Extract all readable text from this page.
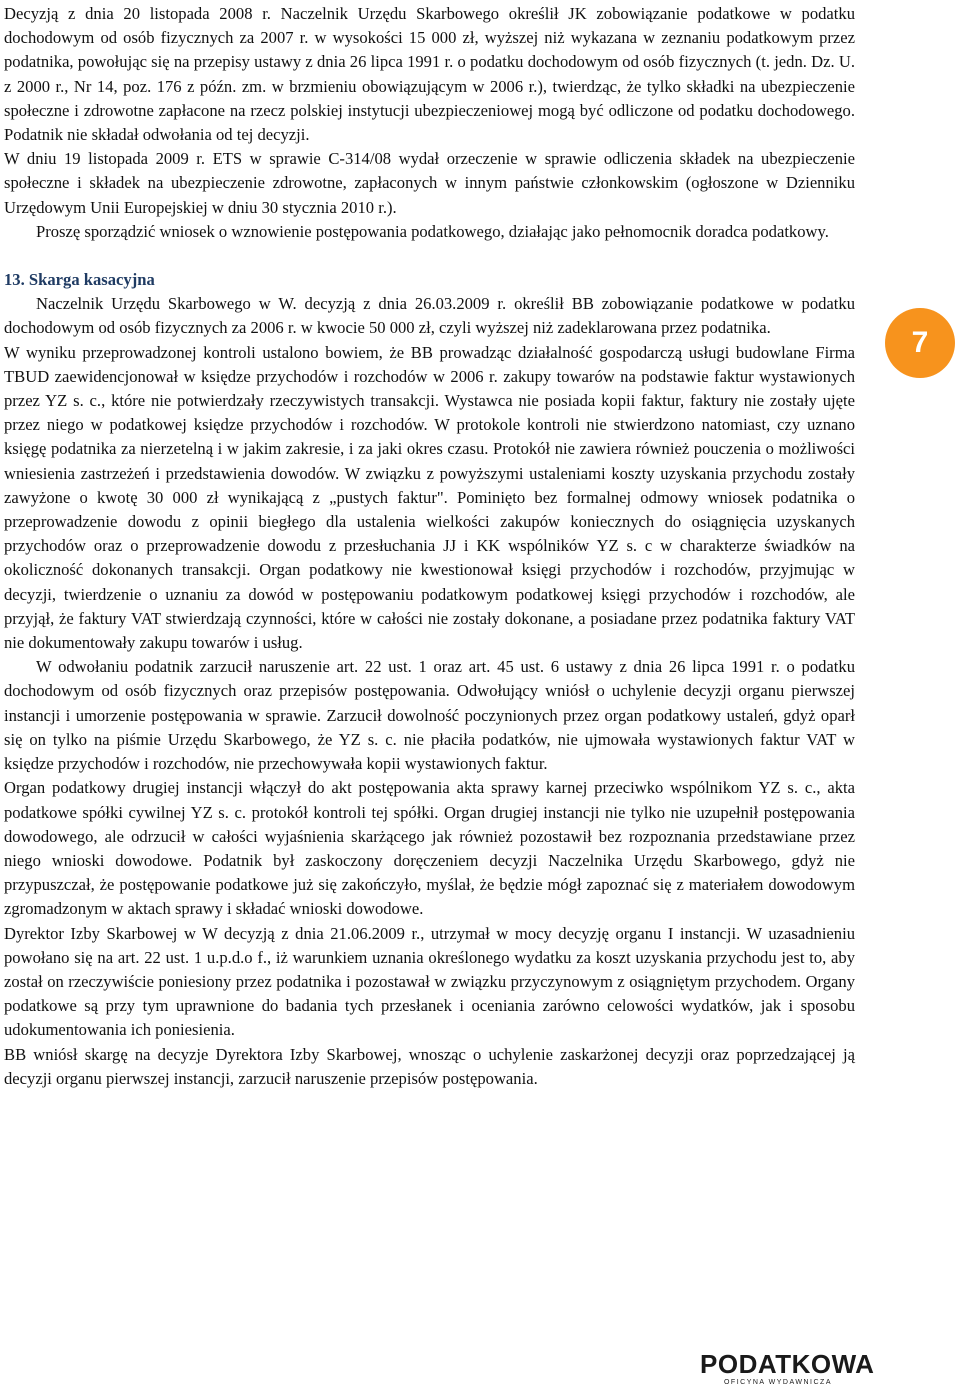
Decyzją z dnia 20 listopada 2008 r. Naczelnik Urzędu Skarbowego określił JK zobowiązanie podatkowe w podatku dochodowym od osób fizycznych za 2007 r. w wysokości 15 000 zł, wyższej niż wykazana w zeznaniu podatkowym przez podatnika, powołując się na przepisy ustawy z dnia 26 lipca 1991 r. o podatku dochodowym od osób fizycznych (t. jedn. Dz. U. z 2000 r., Nr 14, poz. 176 z późn. zm. w brzmieniu obowiązującym w 2006 r.), twierdząc, że tylko składki na ubezpieczenie społeczne i zdrowotne zapłacone na rzecz polskiej instytucji ubezpieczeniowej mogą być odliczone od podatku dochodowego. Podatnik nie składał odwołania od tej decyzji.

W dniu 19 listopada 2009 r. ETS w sprawie C-314/08 wydał orzeczenie w sprawie odliczenia składek na ubezpieczenie społeczne i składek na ubezpieczenie zdrowotne, zapłaconych w innym państwie członkowskim (ogłoszone w Dzienniku Urzędowym Unii Europejskiej w dniu 30 stycznia 2010 r.).

Proszę sporządzić wniosek o wznowienie postępowania podatkowego, działając jako pełnomocnik doradca podatkowy.

13. Skarga kasacyjna

Naczelnik Urzędu Skarbowego w W. decyzją z dnia 26.03.2009 r. określił BB zobowiązanie podatkowe w podatku dochodowym od osób fizycznych za 2006 r. w kwocie 50 000 zł, czyli wyższej niż zadeklarowana przez podatnika.

W wyniku przeprowadzonej kontroli ustalono bowiem, że BB prowadząc działalność gospodarczą usługi budowlane Firma TBUD zaewidencjonował w księdze przychodów i rozchodów w 2006 r. zakupy towarów na podstawie faktur wystawionych przez YZ s. c., które nie potwierdzały rzeczywistych transakcji. Wystawca nie posiada kopii faktur, faktury nie zostały ujęte przez niego w podatkowej księdze przychodów i rozchodów. W protokole kontroli nie stwierdzono natomiast, czy uznano księgę podatnika za nierzetelną i w jakim zakresie, i za jaki okres czasu. Protokół nie zawiera również pouczenia o możliwości wniesienia zastrzeżeń i przedstawienia dowodów. W związku z powyższymi ustaleniami koszty uzyskania przychodu zostały zawyżone o kwotę 30 000 zł wynikającą z „pustych faktur". Pominięto bez formalnej odmowy wniosek podatnika o przeprowadzenie dowodu z opinii biegłego dla ustalenia wielkości zakupów koniecznych do osiągnięcia uzyskanych przychodów oraz o przeprowadzenie dowodu z przesłuchania JJ i KK wspólników YZ s. c w charakterze świadków na okoliczność dokonanych transakcji. Organ podatkowy nie kwestionował księgi przychodów i rozchodów, przyjmując w decyzji, twierdzenie o uznaniu za dowód w postępowaniu podatkowym podatkowej księgi przychodów i rozchodów, ale przyjął, że faktury VAT stwierdzają czynności, które w całości nie zostały dokonane, a posiadane przez podatnika faktury VAT nie dokumentowały zakupu towarów i usług.

W odwołaniu podatnik zarzucił naruszenie art. 22 ust. 1 oraz art. 45 ust. 6 ustawy z dnia 26 lipca 1991 r. o podatku dochodowym od osób fizycznych oraz przepisów postępowania. Odwołujący wniósł o uchylenie decyzji organu pierwszej instancji i umorzenie postępowania w sprawie. Zarzucił dowolność poczynionych przez organ podatkowy ustaleń, gdyż oparł się on tylko na piśmie Urzędu Skarbowego, że YZ s. c. nie płaciła podatków, nie ujmowała wystawionych faktur VAT w księdze przychodów i rozchodów, nie przechowywała kopii wystawionych faktur.

Organ podatkowy drugiej instancji włączył do akt postępowania akta sprawy karnej przeciwko wspólnikom YZ s. c., akta podatkowe spółki cywilnej YZ s. c. protokół kontroli tej spółki. Organ drugiej instancji nie tylko nie uzupełnił postępowania dowodowego, ale odrzucił w całości wyjaśnienia skarżącego jak również pozostawił bez rozpoznania przedstawiane przez niego wnioski dowodowe. Podatnik był zaskoczony doręczeniem decyzji Naczelnika Urzędu Skarbowego, gdyż nie przypuszczał, że postępowanie podatkowe już się zakończyło, myślał, że będzie mógł zapoznać się z materiałem dowodowym zgromadzonym w aktach sprawy i składać wnioski dowodowe.

Dyrektor Izby Skarbowej w W decyzją z dnia 21.06.2009 r., utrzymał w mocy decyzję organu I instancji. W uzasadnieniu powołano się na art. 22 ust. 1 u.p.d.o f., iż warunkiem uznania określonego wydatku za koszt uzyskania przychodu jest to, aby został on rzeczywiście poniesiony przez podatnika i pozostawał w związku przyczynowym z osiągniętym przychodem. Organy podatkowe są przy tym uprawnione do badania tych przesłanek i oceniania zarówno celowości wydatków, jak i sposobu udokumentowania ich poniesienia.

BB wniósł skargę na decyzje Dyrektora Izby Skarbowej, wnosząc o uchylenie zaskarżonej decyzji oraz poprzedzającej ją decyzji organu pierwszej instancji, zarzucił naruszenie przepisów postępowania.

7
PODATKOWA
OFICYNA WYDAWNICZA
